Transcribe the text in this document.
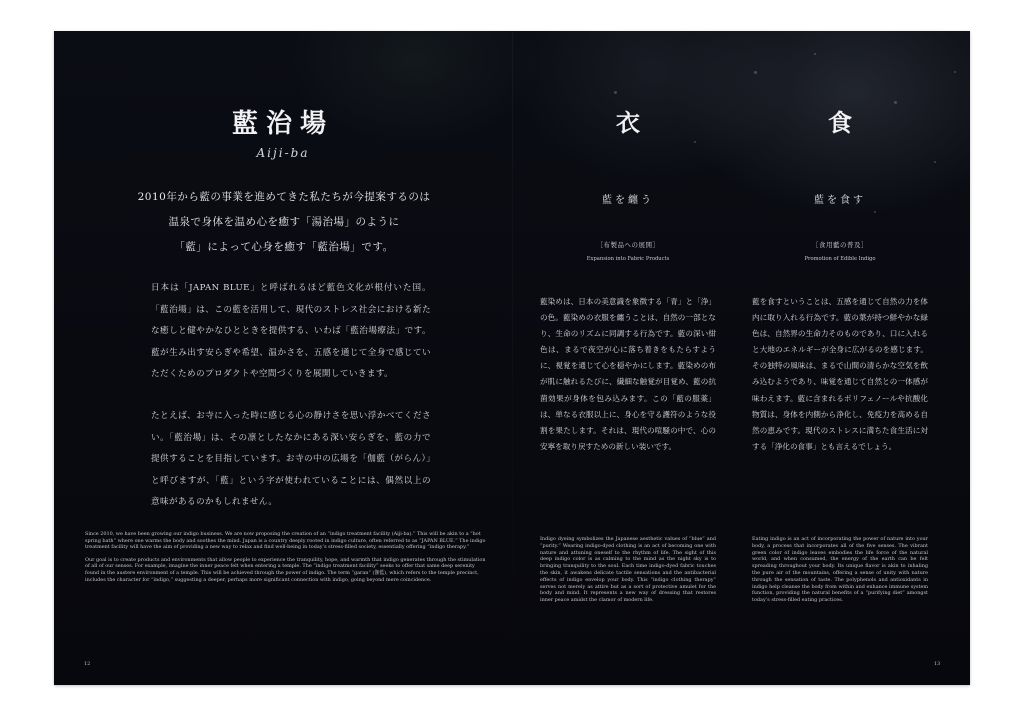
藍治場
Aiji-ba
2010年から藍の事業を進めてきた私たちが今提案するのは
温泉で身体を温め心を癒す「湯治場」のように
「藍」によって心身を癒す「藍治場」です。

日本は「JAPAN BLUE」と呼ばれるほど藍色文化が根付いた国。「藍治場」は、この藍を活用して、現代のストレス社会における新たな癒しと健やかなひとときを提供する、いわば「藍治場療法」です。藍が生み出す安らぎや希望、温かさを、五感を通じて全身で感じていただくためのプロダクトや空間づくりを展開していきます。

たとえば、お寺に入った時に感じる心の静けさを思い浮かべてください。「藍治場」は、その凛としたなかにある深い安らぎを、藍の力で提供することを目指しています。お寺の中の広場を「伽藍（がらん）」と呼びますが、「藍」という字が使われていることには、偶然以上の意味があるのかもしれません。

Since 2010, we have been growing our indigo business. We are now proposing the creation of an “indigo treatment facility (Aiji-ba).” This will be akin to a “hot spring bath” where one warms the body and soothes the mind. Japan is a country deeply rooted in indigo culture, often referred to as “JAPAN BLUE.” The indigo treatment facility will have the aim of providing a new way to relax and find well-being in today’s stress-filled society, essentially offering “indigo therapy.”

Our goal is to create products and environments that allow people to experience the tranquility, hope, and warmth that indigo generates through the stimulation of all of our senses. For example, imagine the inner peace felt when entering a temple. The “indigo treatment facility” seeks to offer that same deep serenity found in the austere environment of a temple. This will be achieved through the power of indigo. The term “garan” (伽藍), which refers to the temple precinct, includes the character for “indigo,” suggesting a deeper, perhaps more significant connection with indigo, going beyond mere coincidence.

12
衣
藍を纏う
［布製品への展開］
Expansion into Fabric Products
藍染めは、日本の美意識を象徴する「青」と「浄」の色。藍染めの衣服を纏うことは、自然の一部となり、生命のリズムに同調する行為です。藍の深い紺色は、まるで夜空が心に落ち着きをもたらすように、視覚を通じて心を穏やかにします。藍染めの布が肌に触れるたびに、繊細な触覚が目覚め、藍の抗菌効果が身体を包み込みます。この「藍の服薬」は、単なる衣服以上に、身心を守る護符のような役割を果たします。それは、現代の喧騒の中で、心の安寧を取り戻すための新しい装いです。
Indigo dyeing symbolizes the Japanese aesthetic values of “blue” and “purity.” Wearing indigo-dyed clothing is an act of becoming one with nature and attuning oneself to the rhythm of life. The sight of this deep indigo color is as calming to the mind as the night sky is to bringing tranquility to the soul. Each time indigo-dyed fabric touches the skin, it awakens delicate tactile sensations and the antibacterial effects of indigo envelop your body. This “indigo clothing therapy” serves not merely as attire but as a sort of protective amulet for the body and mind. It represents a new way of dressing that restores inner peace amidst the clamor of modern life.
食
藍を食す
［食用藍の普及］
Promotion of Edible Indigo
藍を食すということは、五感を通じて自然の力を体内に取り入れる行為です。藍の葉が持つ鮮やかな緑色は、自然界の生命力そのものであり、口に入れると大地のエネルギーが全身に広がるのを感じます。その独特の風味は、まるで山間の清らかな空気を飲み込むようであり、味覚を通じて自然との一体感が味わえます。藍に含まれるポリフェノールや抗酸化物質は、身体を内側から浄化し、免疫力を高める自然の恵みです。現代のストレスに満ちた食生活に対する「浄化の食事」とも言えるでしょう。
Eating indigo is an act of incorporating the power of nature into your body, a process that incorporates all of the five senses. The vibrant green color of indigo leaves embodies the life force of the natural world, and when consumed, the energy of the earth can be felt spreading throughout your body. Its unique flavor is akin to inhaling the pure air of the mountains, offering a sense of unity with nature through the sensation of taste. The polyphenols and antioxidants in indigo help cleanse the body from within and enhance immune system function, providing the natural benefits of a “purifying diet” amongst today’s stress-filled eating practices.
13
